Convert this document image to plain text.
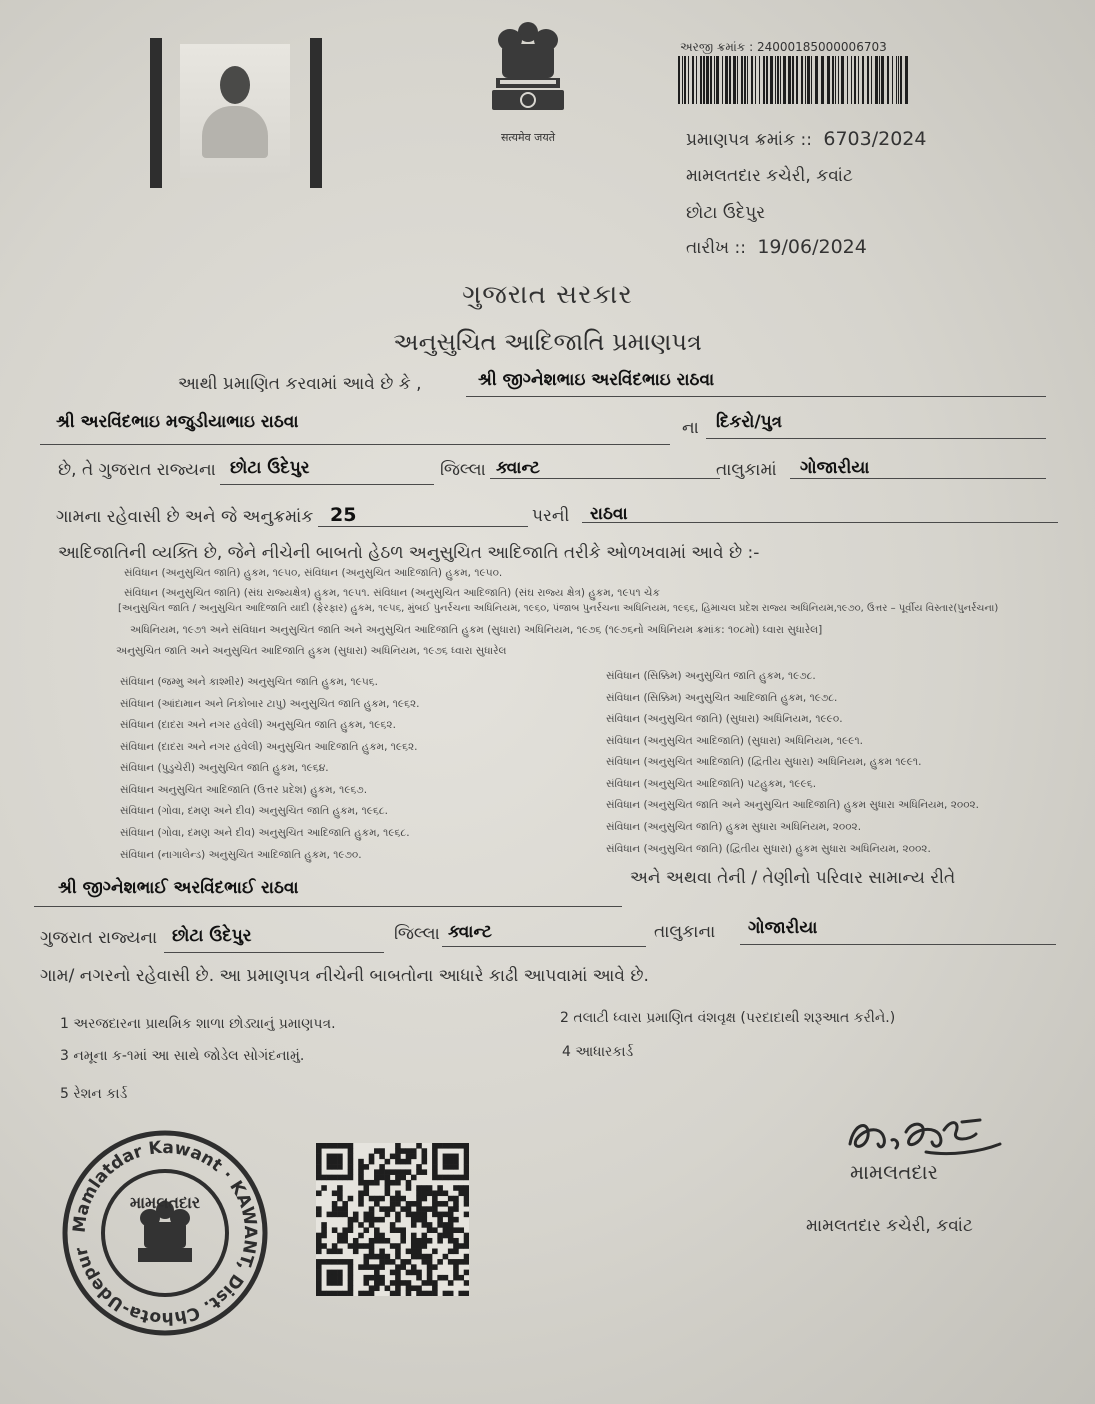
सत्यमेव जयते
અરજી ક્રમાંક : 24000185000006703
પ્રમાણપત્ર ક્રમાંક :: 6703/2024
મામલતદાર કચેરી, કવાંટ
છોટા ઉદેપુર
તારીખ :: 19/06/2024
ગુજરાત સરકાર
અનુસુચિત આદિજાતિ પ્રમાણપત્ર
આથી પ્રમાણિત કરવામાં આવે છે કે ,	શ્રી જીગ્નેશભાઇ અરવિંદભાઇ રાઠવા
શ્રી અરવિંદભાઇ મજુડીયાભાઇ રાઠવા	ના દિકરો/પુત્ર
છે, તે ગુજરાત રાજ્યના છોટા ઉદેપુર	જિલ્લા ક્વાન્ટ	તાલુકામાં ગોજારીયા
ગામના રહેવાસી છે અને જે અનુક્રમાંક 25	પરની રાઠવા
આદિજાતિની વ્યક્તિ છે, જેને નીચેની બાબતો હેઠળ અનુસુચિત આદિજાતિ તરીકે ઓળખવામાં આવે છે :-
સંવિધાન (અનુસુચિત જાતિ) હુકમ, ૧૯૫૦, સંવિધાન (અનુસુચિત આદિજાતિ) હુકમ, ૧૯૫૦.
સંવિધાન (અનુસુચિત જાતિ) (સંઘ રાજ્યક્ષેત્ર) હુકમ, ૧૯૫૧. સંવિધાન (અનુસુચિત આદિજાતિ) (સંઘ રાજ્ય ક્ષેત્ર) હુકમ, ૧૯૫૧ ચેક
[અનુસુચિત જાતિ / અનુસુચિત આદિજાતિ યાદી (ફેરફાર) હુકમ, ૧૯૫૬, મુંબઈ પુનર્રચના અધિનિયમ, ૧૯૬૦, પંજાબ પુનર્રચના અધિનિયમ, ૧૯૬૬, હિમાચલ પ્રદેશ રાજ્ય અધિનિયમ,૧૯૭૦, ઉત્તર – પૂર્વીય વિસ્તાર(પુનર્રચના)
અધિનિયમ, ૧૯૭૧ અને સંવિધાન અનુસુચિત જાતિ અને અનુસુચિત આદિજાતિ હુકમ (સુધારા) અધિનિયમ, ૧૯૭૬ (૧૯૭૬નો અધિનિયમ ક્રમાંક: ૧૦૮મો) ધ્વારા સુધારેલ]
અનુસુચિત જાતિ અને અનુસુચિત આદિજાતિ હુકમ (સુધારા) અધિનિયમ, ૧૯૭૬ ધ્વારા સુધારેલ
સંવિધાન (જમ્મુ અને કાશ્મીર) અનુસુચિત જાતિ હુકમ, ૧૯૫૬.
સંવિધાન (આંદામાન અને નિકોબાર ટાપુ) અનુસુચિત જાતિ હુકમ, ૧૯૬૨.
સંવિધાન (દાદરા અને નગર હવેલી) અનુસુચિત જાતિ હુકમ, ૧૯૬૨.
સંવિધાન (દાદરા અને નગર હવેલી) અનુસુચિત આદિજાતિ હુકમ, ૧૯૬૨.
સંવિધાન (પુડુચેરી) અનુસુચિત જાતિ હુકમ, ૧૯૬૪.
સંવિધાન અનુસુચિત આદિજાતિ (ઉત્તર પ્રદેશ) હુકમ, ૧૯૬૭.
સંવિધાન (ગોવા, દમણ અને દીવ) અનુસુચિત જાતિ હુકમ, ૧૯૬૮.
સંવિધાન (ગોવા, દમણ અને દીવ) અનુસુચિત આદિજાતિ હુકમ, ૧૯૬૮.
સંવિધાન (નાગાલેન્ડ) અનુસુચિત આદિજાતિ હુકમ, ૧૯૭૦.
સંવિધાન (સિક્કિમ) અનુસુચિત જાતિ હુકમ, ૧૯૭૮.
સંવિધાન (સિક્કિમ) અનુસુચિત આદિજાતિ હુકમ, ૧૯૭૮.
સંવિધાન (અનુસુચિત જાતિ) (સુધારા) અધિનિયમ, ૧૯૯૦.
સંવિધાન (અનુસુચિત આદિજાતિ) (સુધારા) અધિનિયમ, ૧૯૯૧.
સંવિધાન (અનુસુચિત આદિજાતિ) (દ્વિતીય સુધારા) અધિનિયમ, હુકમ ૧૯૯૧.
સંવિધાન (અનુસુચિત આદિજાતિ) પટહુકમ, ૧૯૯૬.
સંવિધાન (અનુસુચિત જાતિ અને અનુસુચિત આદિજાતિ) હુકમ સુધારા અધિનિયમ, ૨૦૦૨.
સંવિધાન (અનુસુચિત જાતિ) હુકમ સુધારા અધિનિયમ, ૨૦૦૨.
સંવિધાન (અનુસુચિત જાતિ) (દ્વિતીય સુધારા) હુકમ સુધારા અધિનિયમ, ૨૦૦૨.
શ્રી જીગ્નેશભાઈ અરવિંદભાઈ રાઠવા	અને અથવા તેની / તેણીનો પરિવાર સામાન્ય રીતે
ગુજરાત રાજ્યના છોટા ઉદેપુર	જિલ્લા ક્વાન્ટ	તાલુકાના ગોજારીયા
ગામ/ નગરનો રહેવાસી છે. આ પ્રમાણપત્ર નીચેની બાબતોના આધારે કાઢી આપવામાં આવે છે.
1 અરજદારના પ્રાથમિક શાળા છોડ્યાનું પ્રમાણપત્ર.	2 તલાટી ધ્વારા પ્રમાણિત વંશવૃક્ષ (પરદાદાથી શરૂઆત કરીને.)
3 નમૂના ક-૧માં આ સાથે જોડેલ સોગંદનામું.	4 આધારકાર્ડ
5 રેશન કાર્ડ
Mamlatdar Kawant · KAWANT, Dist. Chhota-Udepur
મામલતદાર
મામલતદાર
મામલતદાર કચેરી, કવાંટ
